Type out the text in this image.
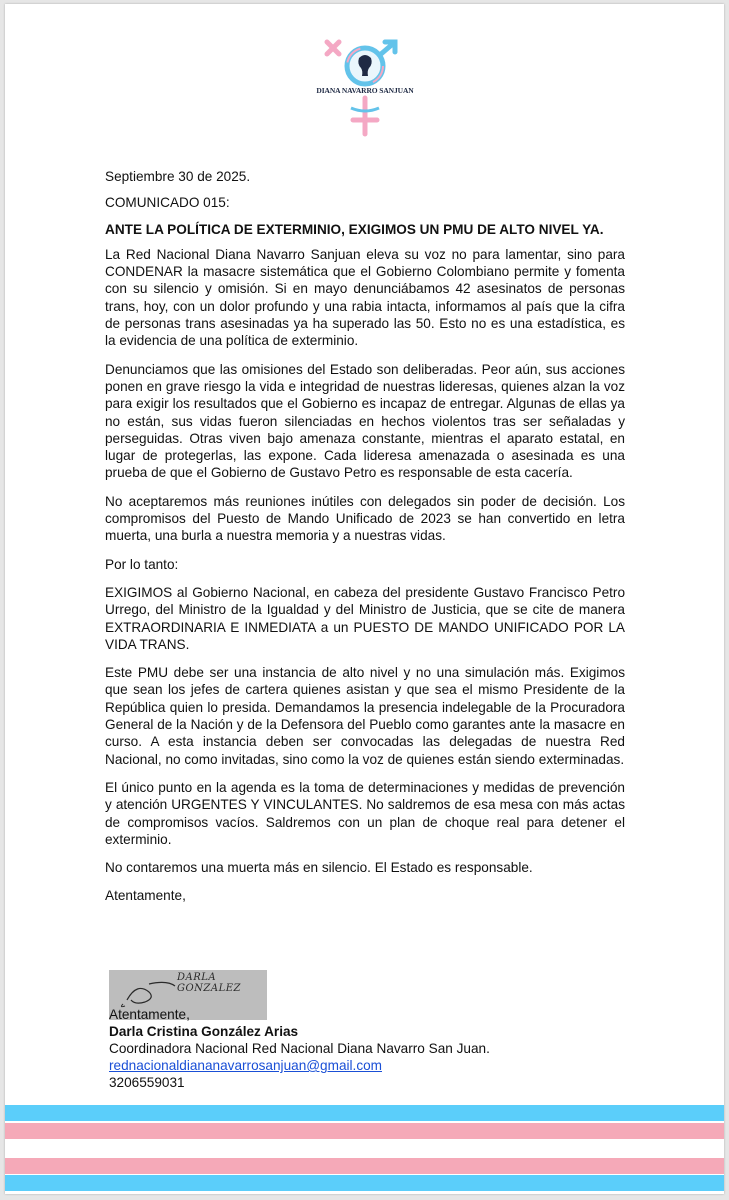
DIANA NAVARRO SANJUAN

Septiembre 30 de 2025.

COMUNICADO 015:

ANTE LA POLÍTICA DE EXTERMINIO, EXIGIMOS UN PMU DE ALTO NIVEL YA.

La Red Nacional Diana Navarro Sanjuan eleva su voz no para lamentar, sino para CONDENAR la masacre sistemática que el Gobierno Colombiano permite y fomenta con su silencio y omisión. Si en mayo denunciábamos 42 asesinatos de personas trans, hoy, con un dolor profundo y una rabia intacta, informamos al país que la cifra de personas trans asesinadas ya ha superado las 50. Esto no es una estadística, es la evidencia de una política de exterminio.

Denunciamos que las omisiones del Estado son deliberadas. Peor aún, sus acciones ponen en grave riesgo la vida e integridad de nuestras lideresas, quienes alzan la voz para exigir los resultados que el Gobierno es incapaz de entregar. Algunas de ellas ya no están, sus vidas fueron silenciadas en hechos violentos tras ser señaladas y perseguidas. Otras viven bajo amenaza constante, mientras el aparato estatal, en lugar de protegerlas, las expone. Cada lideresa amenazada o asesinada es una prueba de que el Gobierno de Gustavo Petro es responsable de esta cacería.

No aceptaremos más reuniones inútiles con delegados sin poder de decisión. Los compromisos del Puesto de Mando Unificado de 2023 se han convertido en letra muerta, una burla a nuestra memoria y a nuestras vidas.

Por lo tanto:

EXIGIMOS al Gobierno Nacional, en cabeza del presidente Gustavo Francisco Petro Urrego, del Ministro de la Igualdad y del Ministro de Justicia, que se cite de manera EXTRAORDINARIA E INMEDIATA a un PUESTO DE MANDO UNIFICADO POR LA VIDA TRANS.

Este PMU debe ser una instancia de alto nivel y no una simulación más. Exigimos que sean los jefes de cartera quienes asistan y que sea el mismo Presidente de la República quien lo presida. Demandamos la presencia indelegable de la Procuradora General de la Nación y de la Defensora del Pueblo como garantes ante la masacre en curso. A esta instancia deben ser convocadas las delegadas de nuestra Red Nacional, no como invitadas, sino como la voz de quienes están siendo exterminadas.

El único punto en la agenda es la toma de determinaciones y medidas de prevención y atención URGENTES Y VINCULANTES. No saldremos de esa mesa con más actas de compromisos vacíos. Saldremos con un plan de choque real para detener el exterminio.

No contaremos una muerta más en silencio. El Estado es responsable.

Atentamente,

DARLA GONZALEZ
Atentamente,
Darla Cristina González Arias
Coordinadora Nacional Red Nacional Diana Navarro San Juan.
rednacionaldiananavarrosanjuan@gmail.com
3206559031
